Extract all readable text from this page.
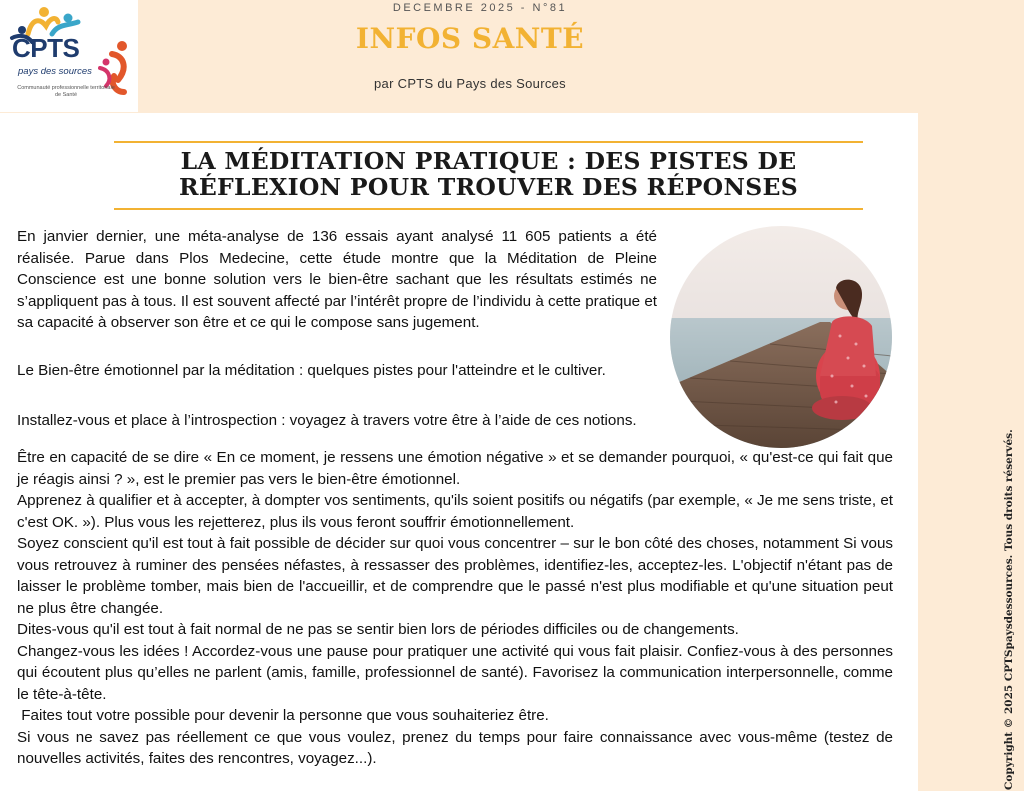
CPTS
pays des sources
Communauté professionnelle territoriale de Santé
DECEMBRE 2025 - N°81
INFOS SANTÉ
par CPTS du Pays des Sources
LA MÉDITATION PRATIQUE : DES PISTES DE RÉFLEXION POUR TROUVER DES RÉPONSES
En janvier dernier, une méta-analyse de 136 essais ayant analysé 11 605 patients a été réalisée. Parue dans Plos Medecine, cette étude montre que la Méditation de Pleine Conscience est une bonne solution vers le bien-être sachant que les résultats estimés ne s’appliquent pas à tous. Il est souvent affecté par l’intérêt propre de l’individu à cette pratique et sa capacité à observer son être et ce qui le compose sans jugement.
Le Bien-être émotionnel par la méditation : quelques pistes pour l'atteindre et le cultiver.
Installez-vous et place à l’introspection : voyagez à travers votre être à l’aide de ces notions.
Être en capacité de se dire « En ce moment, je ressens une émotion négative » et se demander pourquoi, « qu'est-ce qui fait que je réagis ainsi ? », est le premier pas vers le bien-être émotionnel.
Apprenez à qualifier et à accepter, à dompter vos sentiments, qu'ils soient positifs ou négatifs (par exemple, « Je me sens triste, et c'est OK. »). Plus vous les rejetterez, plus ils vous feront souffrir émotionnellement.
Soyez conscient qu'il est tout à fait possible de décider sur quoi vous concentrer – sur le bon côté des choses, notamment Si vous vous retrouvez à ruminer des pensées néfastes, à ressasser des problèmes, identifiez-les, acceptez-les. L'objectif n'étant pas de laisser le problème tomber, mais bien de l'accueillir, et de comprendre que le passé n'est plus modifiable et qu'une situation peut ne plus être changée.
Dites-vous qu'il est tout à fait normal de ne pas se sentir bien lors de périodes difficiles ou de changements.
Changez-vous les idées ! Accordez-vous une pause pour pratiquer une activité qui vous fait plaisir. Confiez-vous à des personnes qui écoutent plus qu’elles ne parlent (amis, famille, professionnel de santé). Favorisez la communication interpersonnelle, comme le tête-à-tête.
Faites tout votre possible pour devenir la personne que vous souhaiteriez être.
Si vous ne savez pas réellement ce que vous voulez, prenez du temps pour faire connaissance avec vous-même (testez de nouvelles activités, faites des rencontres, voyagez...).	Copyright © 2025 CPTSpaysdessources. Tous droits réservés.
